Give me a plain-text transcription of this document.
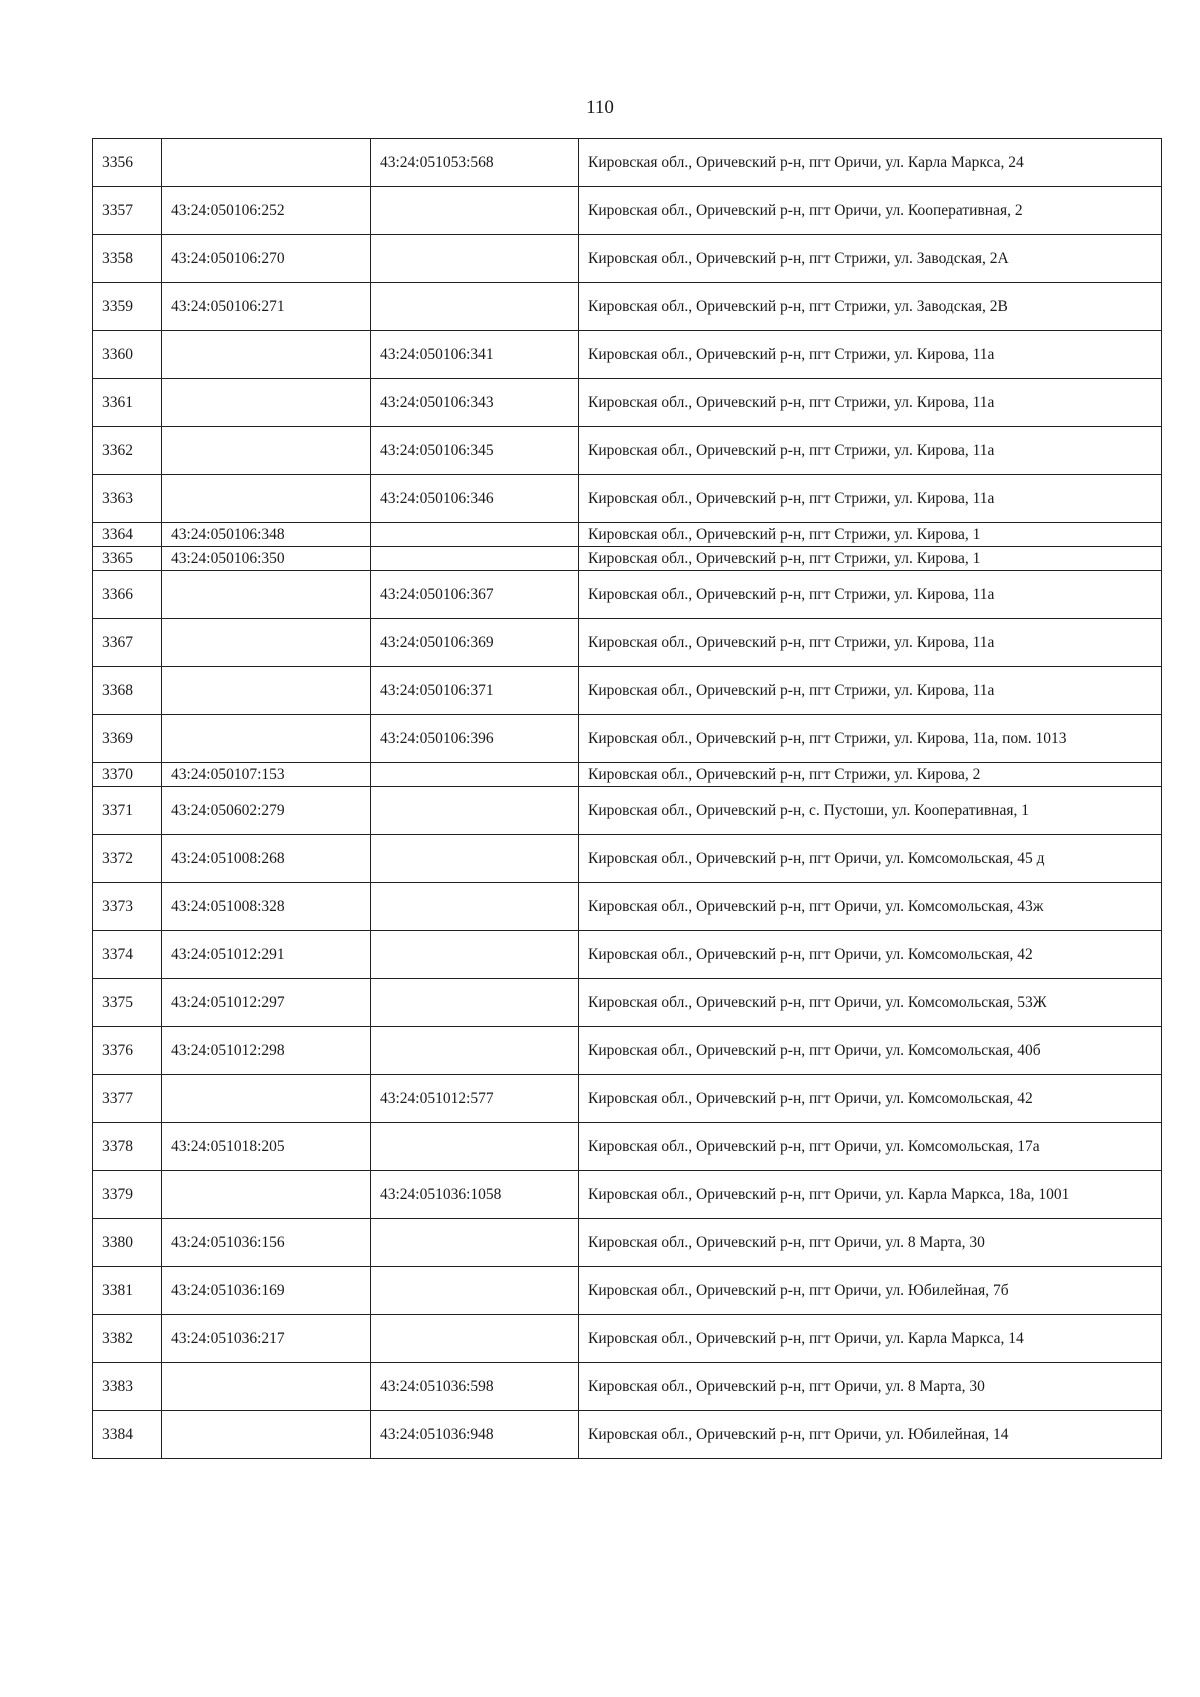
110
3356		43:24:051053:568	Кировская обл., Оричевский р-н, пгт Оричи, ул. Карла Маркса, 24
3357	43:24:050106:252		Кировская обл., Оричевский р-н, пгт Оричи, ул. Кооперативная, 2
3358	43:24:050106:270		Кировская обл., Оричевский р-н, пгт Стрижи, ул. Заводская, 2А
3359	43:24:050106:271		Кировская обл., Оричевский р-н, пгт Стрижи, ул. Заводская, 2В
3360		43:24:050106:341	Кировская обл., Оричевский р-н, пгт Стрижи, ул. Кирова, 11а
3361		43:24:050106:343	Кировская обл., Оричевский р-н, пгт Стрижи, ул. Кирова, 11а
3362		43:24:050106:345	Кировская обл., Оричевский р-н, пгт Стрижи, ул. Кирова, 11а
3363		43:24:050106:346	Кировская обл., Оричевский р-н, пгт Стрижи, ул. Кирова, 11а
3364	43:24:050106:348		Кировская обл., Оричевский р-н, пгт Стрижи, ул. Кирова, 1
3365	43:24:050106:350		Кировская обл., Оричевский р-н, пгт Стрижи, ул. Кирова, 1
3366		43:24:050106:367	Кировская обл., Оричевский р-н, пгт Стрижи, ул. Кирова, 11а
3367		43:24:050106:369	Кировская обл., Оричевский р-н, пгт Стрижи, ул. Кирова, 11а
3368		43:24:050106:371	Кировская обл., Оричевский р-н, пгт Стрижи, ул. Кирова, 11а
3369		43:24:050106:396	Кировская обл., Оричевский р-н, пгт Стрижи, ул. Кирова, 11а, пом. 1013
3370	43:24:050107:153		Кировская обл., Оричевский р-н, пгт Стрижи, ул. Кирова, 2
3371	43:24:050602:279		Кировская обл., Оричевский р-н, с. Пустоши, ул. Кооперативная, 1
3372	43:24:051008:268		Кировская обл., Оричевский р-н, пгт Оричи, ул. Комсомольская, 45 д
3373	43:24:051008:328		Кировская обл., Оричевский р-н, пгт Оричи, ул. Комсомольская, 43ж
3374	43:24:051012:291		Кировская обл., Оричевский р-н, пгт Оричи, ул. Комсомольская, 42
3375	43:24:051012:297		Кировская обл., Оричевский р-н, пгт Оричи, ул. Комсомольская, 53Ж
3376	43:24:051012:298		Кировская обл., Оричевский р-н, пгт Оричи, ул. Комсомольская, 40б
3377		43:24:051012:577	Кировская обл., Оричевский р-н, пгт Оричи, ул. Комсомольская, 42
3378	43:24:051018:205		Кировская обл., Оричевский р-н, пгт Оричи, ул. Комсомольская, 17а
3379		43:24:051036:1058	Кировская обл., Оричевский р-н, пгт Оричи, ул. Карла Маркса, 18а, 1001
3380	43:24:051036:156		Кировская обл., Оричевский р-н, пгт Оричи, ул. 8 Марта, 30
3381	43:24:051036:169		Кировская обл., Оричевский р-н, пгт Оричи, ул. Юбилейная, 7б
3382	43:24:051036:217		Кировская обл., Оричевский р-н, пгт Оричи, ул. Карла Маркса, 14
3383		43:24:051036:598	Кировская обл., Оричевский р-н, пгт Оричи, ул. 8 Марта, 30
3384		43:24:051036:948	Кировская обл., Оричевский р-н, пгт Оричи, ул. Юбилейная, 14
